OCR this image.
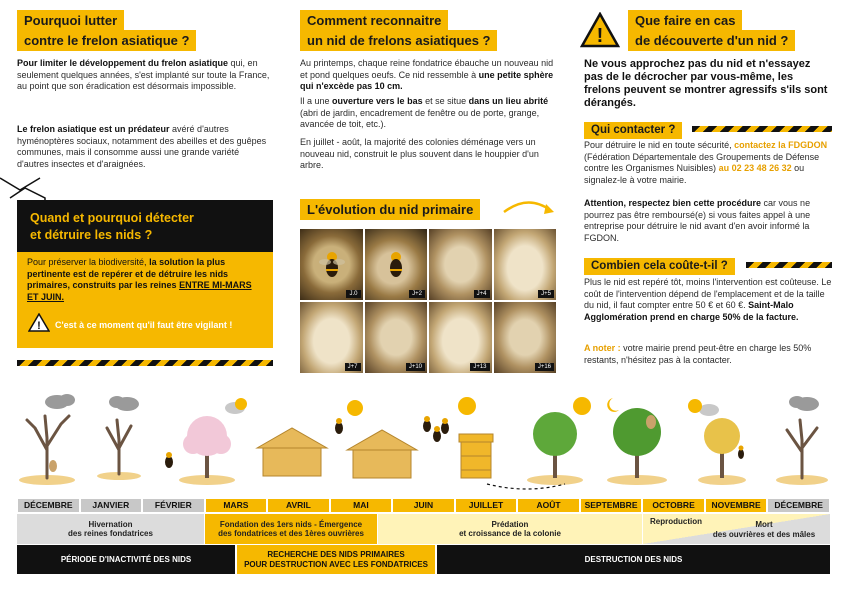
Pourquoi lutter
contre le frelon asiatique ?
Pour limiter le développement du frelon asiatique qui, en seulement quelques années, s'est implanté sur toute la France, au point que son éradication est désormais impossible.
Le frelon asiatique est un prédateur avéré d'autres hyménoptères sociaux, notamment des abeilles et des guêpes communes, mais il consomme aussi une grande variété d'autres insectes et d'araignées.
Quand et pourquoi détecter
et détruire les nids ?
Pour préserver la biodiversité, la solution la plus pertinente est de repérer et de détruire les nids primaires, construits par les reines ENTRE MI-MARS ET JUIN.
! C'est à ce moment qu'il faut être vigilant !
Comment reconnaitre
un nid de frelons asiatiques ?
Au printemps, chaque reine fondatrice ébauche un nouveau nid et pond quelques oeufs. Ce nid ressemble à une petite sphère qui n'excède pas 10 cm.
Il a une ouverture vers le bas et se situe dans un lieu abrité (abri de jardin, encadrement de fenêtre ou de porte, grange, avancée de toit, etc.).
En juillet - août, la majorité des colonies déménage vers un nouveau nid, construit le plus souvent dans le houppier d'un arbre.
L'évolution du nid primaire
J.0	J+2	J+4	J+5
J+7	J+10	J+13	J+16
!
Que faire en cas
de découverte d'un nid ?
Ne vous approchez pas du nid et n'essayez pas de le décrocher par vous-même, les frelons peuvent se montrer agressifs s'ils sont dérangés.
Qui contacter ?
Pour détruire le nid en toute sécurité, contactez la FDGDON (Fédération Départementale des Groupements de Défense contre les Organismes Nuisibles) au 02 23 48 26 32 ou signalez-le à votre mairie.
Attention, respectez bien cette procédure car vous ne pourrez pas être remboursé(e) si vous faites appel à une entreprise pour détruire le nid avant d'en avoir informé la FGDON.
Combien cela coûte-t-il ?
Plus le nid est repéré tôt, moins l'intervention est coûteuse. Le coût de l'intervention dépend de l'emplacement et de la taille du nid, il faut compter entre 50 € et 60 €. Saint-Malo Agglomération prend en charge 50% de la facture.
A noter : votre mairie prend peut-être en charge les 50% restants, n'hésitez pas à la contacter.
DÉCEMBRE	JANVIER	FÉVRIER	MARS	AVRIL	MAI	JUIN	JUILLET	AOÛT	SEPTEMBRE	OCTOBRE	NOVEMBRE	DÉCEMBRE
Hivernation
des reines fondatrices
Fondation des 1ers nids - Émergence
des fondatrices et des 1ères ouvrières
Prédation
et croissance de la colonie
Reproduction	Mort
des ouvrières et des mâles
PÉRIODE D'INACTIVITÉ DES NIDS
RECHERCHE DES NIDS PRIMAIRES
POUR DESTRUCTION AVEC LES FONDATRICES
DESTRUCTION DES NIDS
